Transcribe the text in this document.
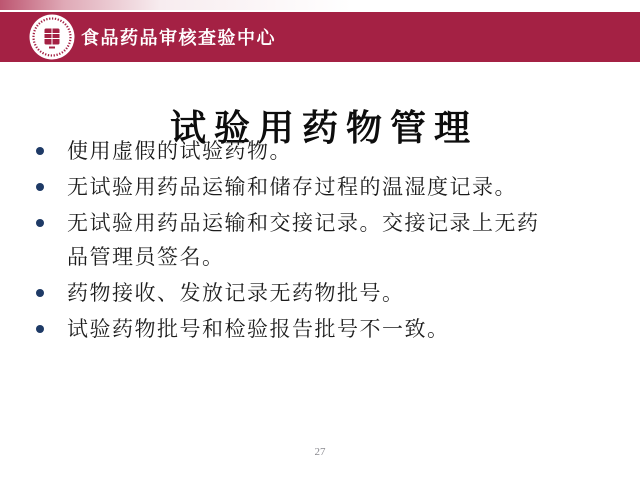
食品药品审核查验中心
试验用药物管理
使用虚假的试验药物。
无试验用药品运输和储存过程的温湿度记录。
无试验用药品运输和交接记录。交接记录上无药品管理员签名。
药物接收、发放记录无药物批号。
试验药物批号和检验报告批号不一致。
27
